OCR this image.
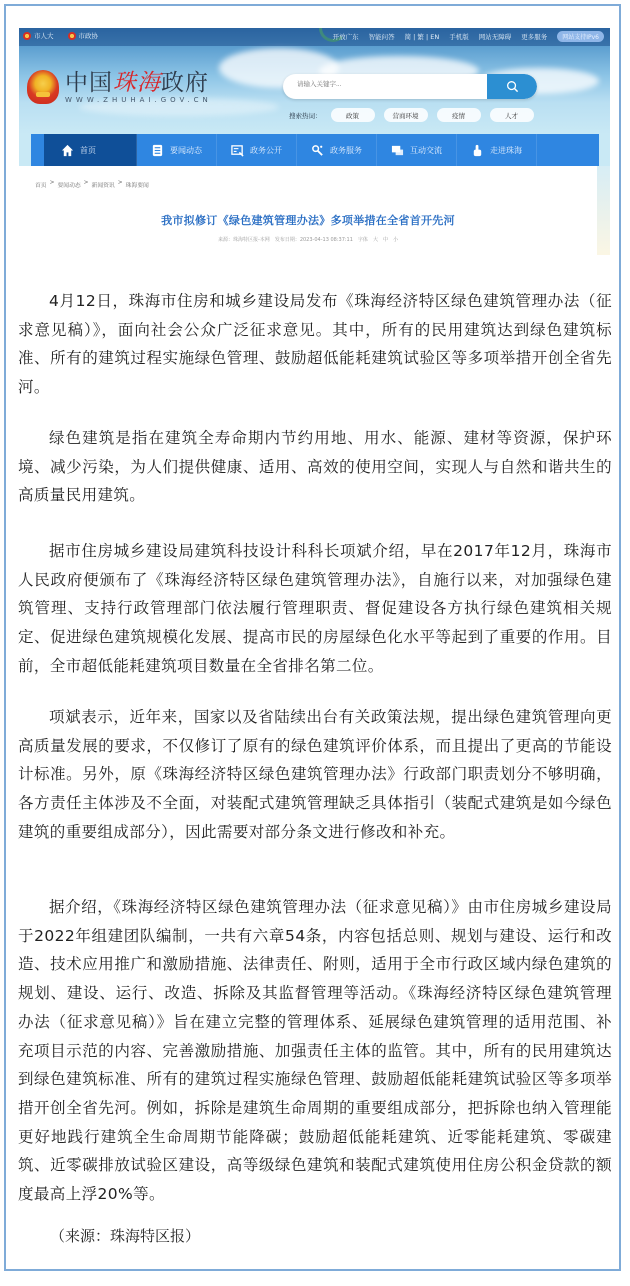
市人大	市政协	开放广东 智能问答 简 | 繁 | EN 手机版 网站无障碍 更多服务	网站支持IPv6
中国珠海政府
WWW.ZHUHAI.GOV.CN
请输入关键字...
搜索热词：	政策	营商环境	疫情	人才
首页	要闻动态	政务公开	政务服务	互动交流	走进珠海
首页 > 要闻动态 > 新闻资讯 > 珠海要闻
我市拟修订《绿色建筑管理办法》多项举措在全省首开先河
来源：珠海特区报-本网 发布日期：2023-04-13 08:37:11 字体 大 中 小

4月12日，珠海市住房和城乡建设局发布《珠海经济特区绿色建筑管理办法（征求意见稿）》，面向社会公众广泛征求意见。其中，所有的民用建筑达到绿色建筑标准、所有的建筑过程实施绿色管理、鼓励超低能耗建筑试验区等多项举措开创全省先河。

绿色建筑是指在建筑全寿命期内节约用地、用水、能源、建材等资源，保护环境、减少污染，为人们提供健康、适用、高效的使用空间，实现人与自然和谐共生的高质量民用建筑。

据市住房城乡建设局建筑科技设计科科长项斌介绍，早在2017年12月，珠海市人民政府便颁布了《珠海经济特区绿色建筑管理办法》，自施行以来，对加强绿色建筑管理、支持行政管理部门依法履行管理职责、督促建设各方执行绿色建筑相关规定、促进绿色建筑规模化发展、提高市民的房屋绿色化水平等起到了重要的作用。目前，全市超低能耗建筑项目数量在全省排名第二位。

项斌表示，近年来，国家以及省陆续出台有关政策法规，提出绿色建筑管理向更高质量发展的要求，不仅修订了原有的绿色建筑评价体系，而且提出了更高的节能设计标准。另外，原《珠海经济特区绿色建筑管理办法》行政部门职责划分不够明确，各方责任主体涉及不全面，对装配式建筑管理缺乏具体指引（装配式建筑是如今绿色建筑的重要组成部分），因此需要对部分条文进行修改和补充。

据介绍，《珠海经济特区绿色建筑管理办法（征求意见稿）》由市住房城乡建设局于2022年组建团队编制，一共有六章54条，内容包括总则、规划与建设、运行和改造、技术应用推广和激励措施、法律责任、附则，适用于全市行政区域内绿色建筑的规划、建设、运行、改造、拆除及其监督管理等活动。《珠海经济特区绿色建筑管理办法（征求意见稿）》旨在建立完整的管理体系、延展绿色建筑管理的适用范围、补充项目示范的内容、完善激励措施、加强责任主体的监管。其中，所有的民用建筑达到绿色建筑标准、所有的建筑过程实施绿色管理、鼓励超低能耗建筑试验区等多项举措开创全省先河。例如，拆除是建筑生命周期的重要组成部分，把拆除也纳入管理能更好地践行建筑全生命周期节能降碳；鼓励超低能耗建筑、近零能耗建筑、零碳建筑、近零碳排放试验区建设，高等级绿色建筑和装配式建筑使用住房公积金贷款的额度最高上浮20%等。

（来源：珠海特区报）
